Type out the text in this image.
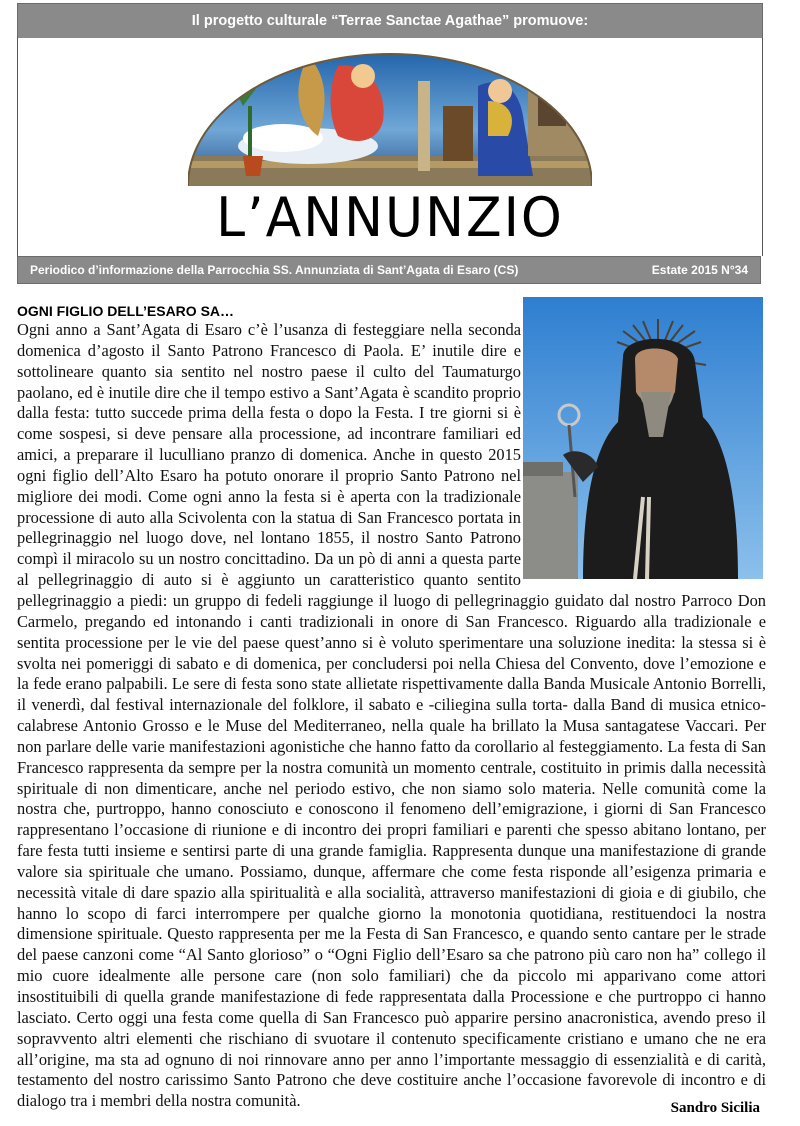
Il progetto culturale “Terrae Sanctae Agathae” promuove:
L’ANNUNZIO
Periodico d’informazione della Parrocchia SS. Annunziata di Sant’Agata di Esaro (CS)	Estate 2015 N°34
OGNI FIGLIO DELL’ESARO SA…
Ogni anno a Sant’Agata di Esaro c’è l’usanza di festeggiare nella seconda domenica d’agosto il Santo Patrono Francesco di Paola. E’ inutile dire e sottolineare quanto sia sentito nel nostro paese il culto del Taumaturgo paolano, ed è inutile dire che il tempo estivo a Sant’Agata è scandito proprio dalla festa: tutto succede prima della festa o dopo la Festa. I tre giorni si è come sospesi, si deve pensare alla processione, ad incontrare familiari ed amici, a preparare il luculliano pranzo di domenica. Anche in questo 2015 ogni figlio dell’Alto Esaro ha potuto onorare il proprio Santo Patrono nel migliore dei modi. Come ogni anno la festa si è aperta con la tradizionale processione di auto alla Scivolenta con la statua di San Francesco portata in pellegrinaggio nel luogo dove, nel lontano 1855, il nostro Santo Patrono compì il miracolo su un nostro concittadino. Da un pò di anni a questa parte al pellegrinaggio di auto si è aggiunto un caratteristico quanto sentito pellegrinaggio a piedi: un gruppo di fedeli raggiunge il luogo di pellegrinaggio guidato dal nostro Parroco Don Carmelo, pregando ed intonando i canti tradizionali in onore di San Francesco. Riguardo alla tradizionale e sentita processione per le vie del paese quest’anno si è voluto sperimentare una soluzione inedita: la stessa si è svolta nei pomeriggi di sabato e di domenica, per concludersi poi nella Chiesa del Convento, dove l’emozione e la fede erano palpabili. Le sere di festa sono state allietate rispettivamente dalla Banda Musicale Antonio Borrelli, il venerdì, dal festival internazionale del folklore, il sabato e -ciliegina sulla torta- dalla Band di musica etnico-calabrese Antonio Grosso e le Muse del Mediterraneo, nella quale ha brillato la Musa santagatese Vaccari. Per non parlare delle varie manifestazioni agonistiche che hanno fatto da corollario al festeggiamento. La festa di San Francesco rappresenta da sempre per la nostra comunità un momento centrale, costituito in primis dalla necessità spirituale di non dimenticare, anche nel periodo estivo, che non siamo solo materia. Nelle comunità come la nostra che, purtroppo, hanno conosciuto e conoscono il fenomeno dell’emigrazione, i giorni di San Francesco rappresentano l’occasione di riunione e di incontro dei propri familiari e parenti che spesso abitano lontano, per fare festa tutti insieme e sentirsi parte di una grande famiglia. Rappresenta dunque una manifestazione di grande valore sia spirituale che umano. Possiamo, dunque, affermare che come festa risponde all’esigenza primaria e necessità vitale di dare spazio alla spiritualità e alla socialità, attraverso manifestazioni di gioia e di giubilo, che hanno lo scopo di farci interrompere per qualche giorno la monotonia quotidiana, restituendoci la nostra dimensione spirituale. Questo rappresenta per me la Festa di San Francesco, e quando sento cantare per le strade del paese canzoni come “Al Santo glorioso” o “Ogni Figlio dell’Esaro sa che patrono più caro non ha” collego il mio cuore idealmente alle persone care (non solo familiari) che da piccolo mi apparivano come attori insostituibili di quella grande manifestazione di fede rappresentata dalla Processione e che purtroppo ci hanno lasciato. Certo oggi una festa come quella di San Francesco può apparire persino anacronistica, avendo preso il sopravvento altri elementi che rischiano di svuotare il contenuto specificamente cristiano e umano che ne era all’origine, ma sta ad ognuno di noi rinnovare anno per anno l’importante messaggio di essenzialità e di carità, testamento del nostro carissimo Santo Patrono che deve costituire anche l’occasione favorevole di incontro e di dialogo tra i membri della nostra comunità.	Sandro Sicilia
